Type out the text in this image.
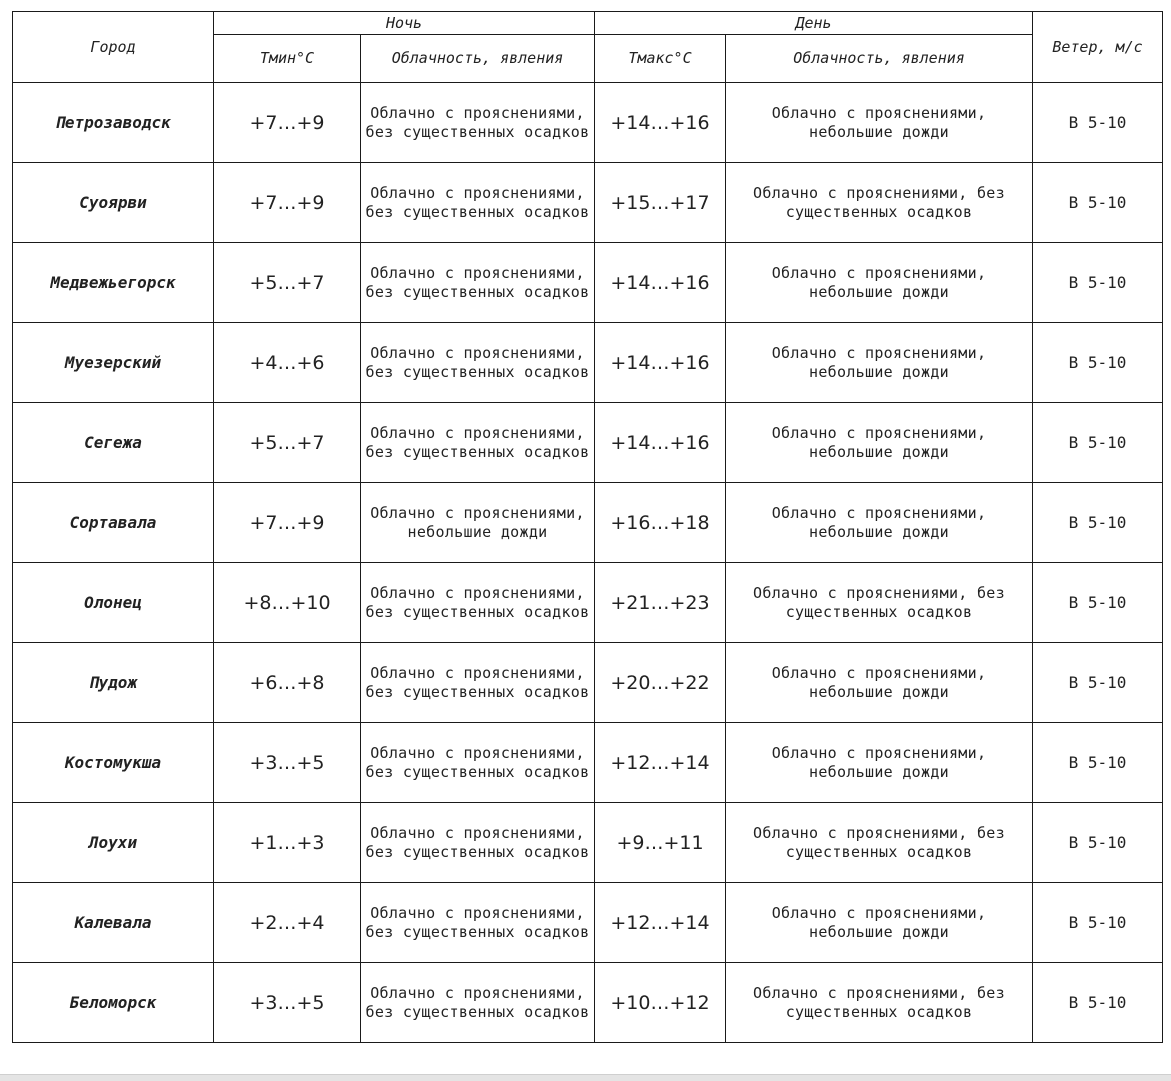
Город	Ночь		День		Ветер, м/с
	Тмин°С	Облачность, явления	Тмакс°С	Облачность, явления	
Петрозаводск	+7…+9	Облачно с прояснениями, без существенных осадков	+14…+16	Облачно с прояснениями, небольшие дожди	В 5-10
Суоярви	+7…+9	Облачно с прояснениями, без существенных осадков	+15…+17	Облачно с прояснениями, без существенных осадков	В 5-10
Медвежьегорск	+5…+7	Облачно с прояснениями, без существенных осадков	+14…+16	Облачно с прояснениями, небольшие дожди	В 5-10
Муезерский	+4…+6	Облачно с прояснениями, без существенных осадков	+14…+16	Облачно с прояснениями, небольшие дожди	В 5-10
Сегежа	+5…+7	Облачно с прояснениями, без существенных осадков	+14…+16	Облачно с прояснениями, небольшие дожди	В 5-10
Сортавала	+7…+9	Облачно с прояснениями, небольшие дожди	+16…+18	Облачно с прояснениями, небольшие дожди	В 5-10
Олонец	+8…+10	Облачно с прояснениями, без существенных осадков	+21…+23	Облачно с прояснениями, без существенных осадков	В 5-10
Пудож	+6…+8	Облачно с прояснениями, без существенных осадков	+20…+22	Облачно с прояснениями, небольшие дожди	В 5-10
Костомукша	+3…+5	Облачно с прояснениями, без существенных осадков	+12…+14	Облачно с прояснениями, небольшие дожди	В 5-10
Лоухи	+1…+3	Облачно с прояснениями, без существенных осадков	+9…+11	Облачно с прояснениями, без существенных осадков	В 5-10
Калевала	+2…+4	Облачно с прояснениями, без существенных осадков	+12…+14	Облачно с прояснениями, небольшие дожди	В 5-10
Беломорск	+3…+5	Облачно с прояснениями, без существенных осадков	+10…+12	Облачно с прояснениями, без существенных осадков	В 5-10
